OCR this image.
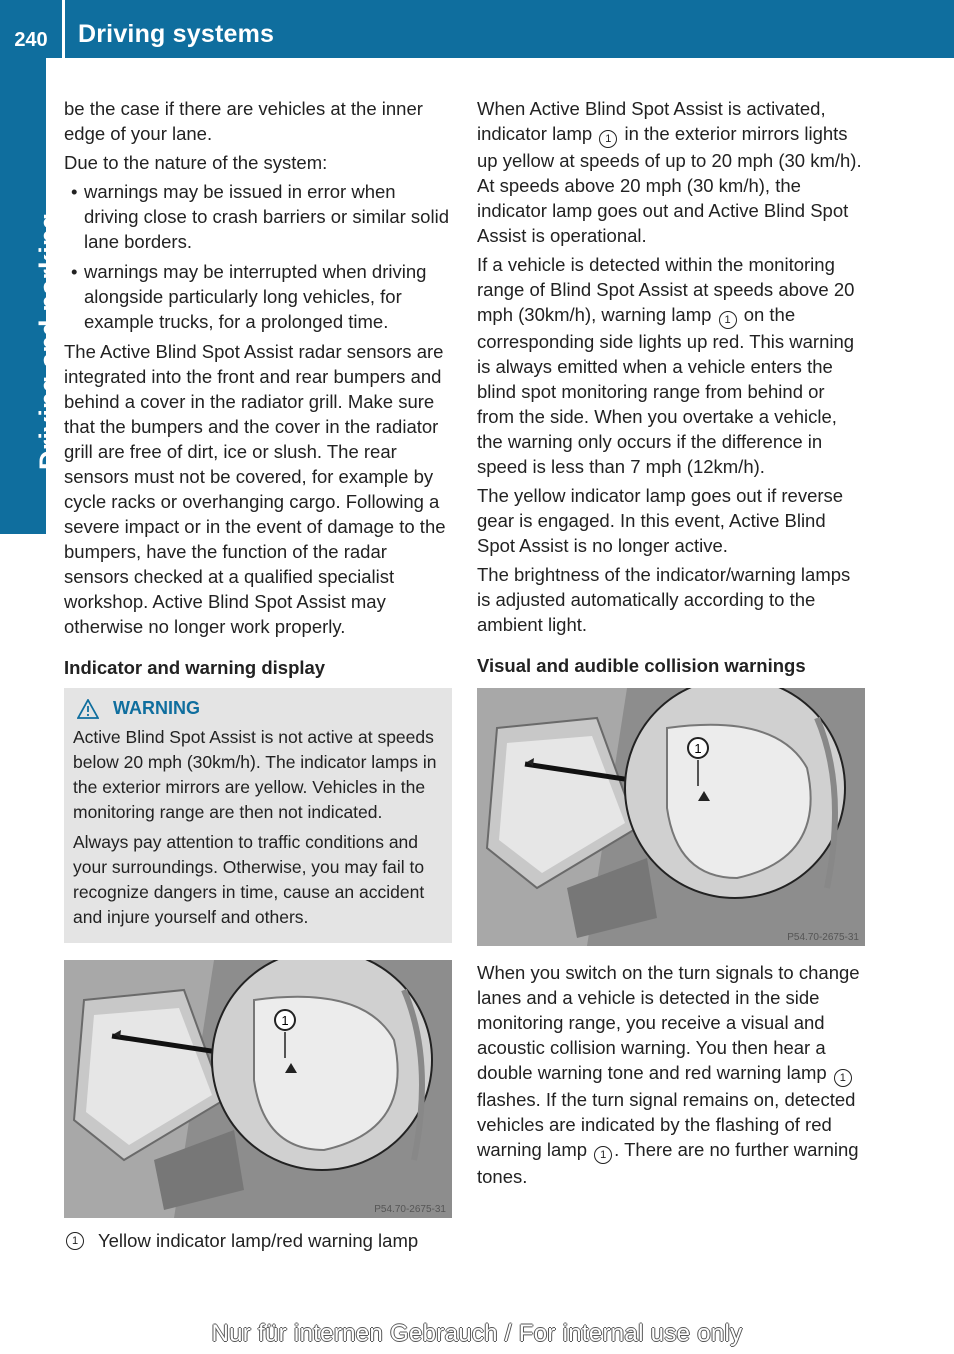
240	Driving systems
Driving and parking

be the case if there are vehicles at the inner edge of your lane.

Due to the nature of the system:

• warnings may be issued in error when driving close to crash barriers or similar solid lane borders.
• warnings may be interrupted when driving alongside particularly long vehicles, for example trucks, for a prolonged time.

The Active Blind Spot Assist radar sensors are integrated into the front and rear bumpers and behind a cover in the radiator grill. Make sure that the bumpers and the cover in the radiator grill are free of dirt, ice or slush. The rear sensors must not be covered, for example by cycle racks or overhanging cargo. Following a severe impact or in the event of damage to the bumpers, have the function of the radar sensors checked at a qualified specialist workshop. Active Blind Spot Assist may otherwise no longer work properly.

Indicator and warning display
WARNING

Active Blind Spot Assist is not active at speeds below 20 mph (30km/h). The indicator lamps in the exterior mirrors are yellow. Vehicles in the monitoring range are then not indicated.

Always pay attention to traffic conditions and your surroundings. Otherwise, you may fail to recognize dangers in time, cause an accident and injure yourself and others.

1
P54.70-2675-31
1	Yellow indicator lamp/red warning lamp

When Active Blind Spot Assist is activated, indicator lamp 1 in the exterior mirrors lights up yellow at speeds of up to 20 mph (30 km/h). At speeds above 20 mph (30 km/h), the indicator lamp goes out and Active Blind Spot Assist is operational.

If a vehicle is detected within the monitoring range of Blind Spot Assist at speeds above 20 mph (30km/h), warning lamp 1 on the corresponding side lights up red. This warning is always emitted when a vehicle enters the blind spot monitoring range from behind or from the side. When you overtake a vehicle, the warning only occurs if the difference in speed is less than 7 mph (12km/h).

The yellow indicator lamp goes out if reverse gear is engaged. In this event, Active Blind Spot Assist is no longer active.

The brightness of the indicator/warning lamps is adjusted automatically according to the ambient light.

Visual and audible collision warnings
1
P54.70-2675-31

When you switch on the turn signals to change lanes and a vehicle is detected in the side monitoring range, you receive a visual and acoustic collision warning. You then hear a double warning tone and red warning lamp 1 flashes. If the turn signal remains on, detected vehicles are indicated by the flashing of red warning lamp 1 . There are no further warning tones.

Nur für internen Gebrauch / For internal use only
